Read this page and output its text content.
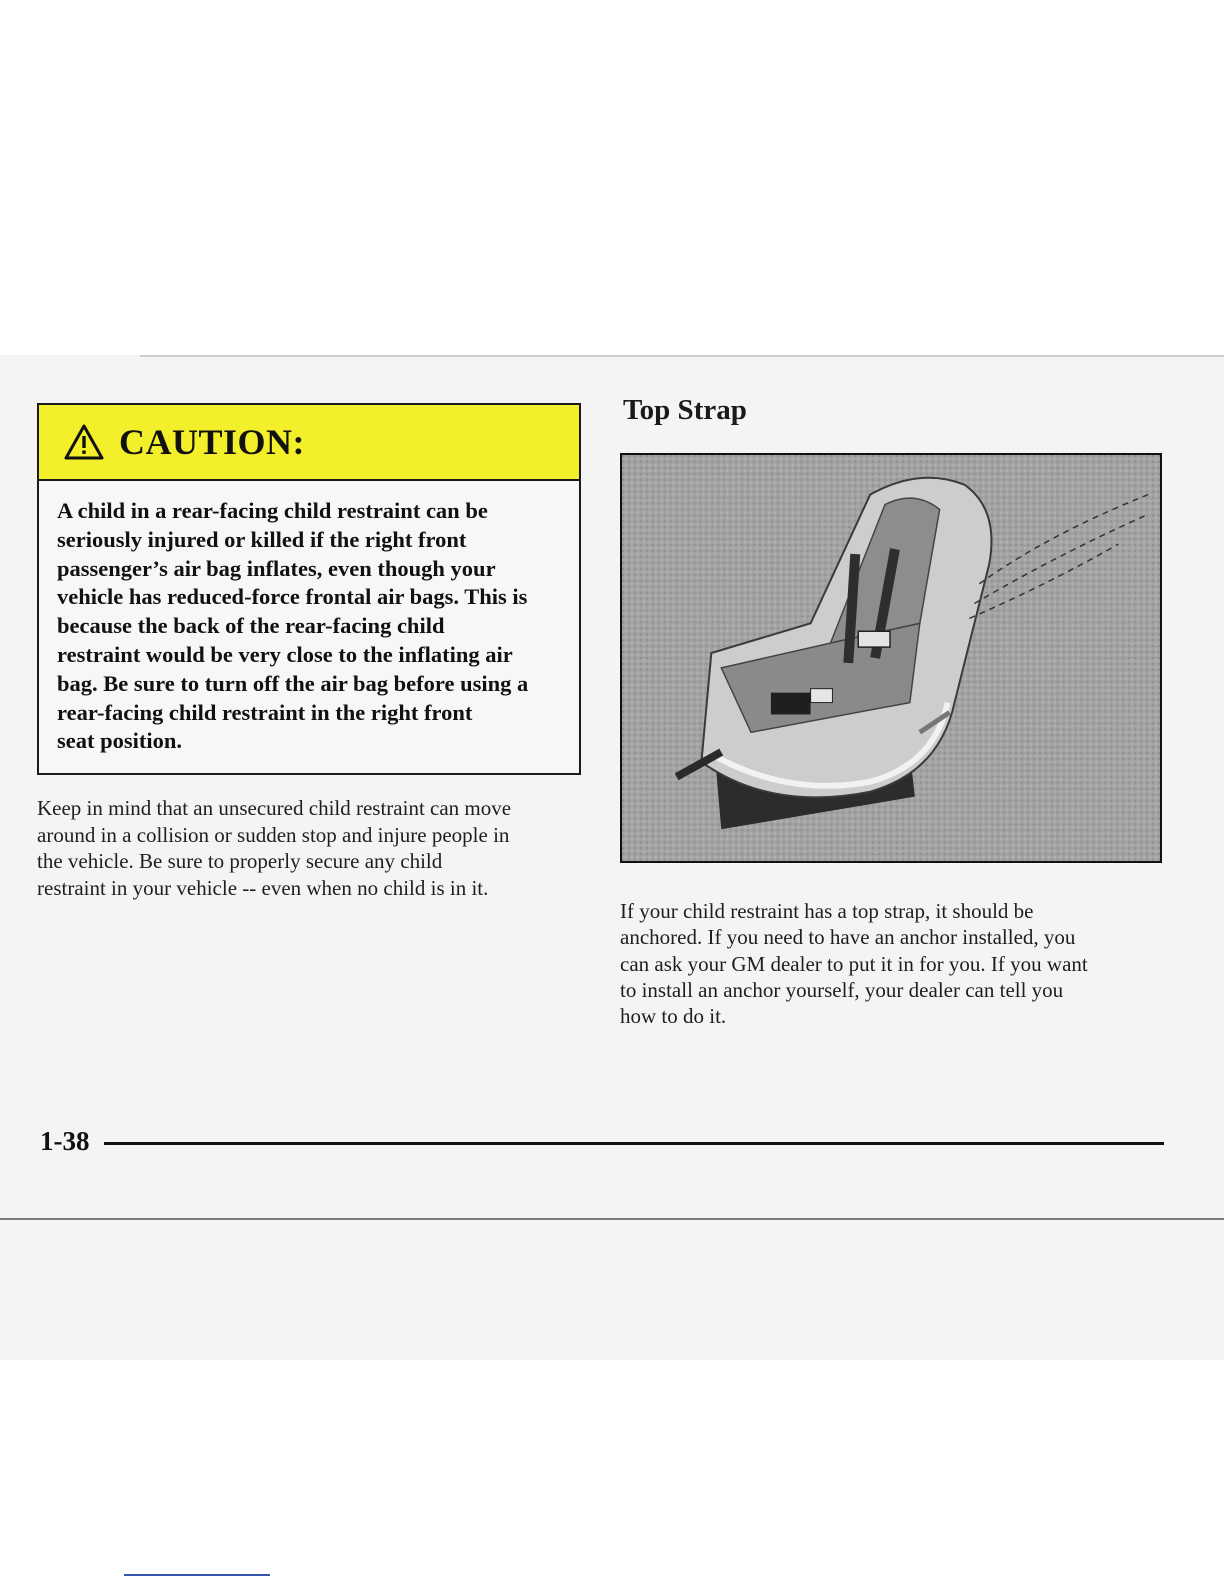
CAUTION:
A child in a rear-facing child restraint can be
seriously injured or killed if the right front
passenger’s air bag inflates, even though your
vehicle has reduced-force frontal air bags. This is
because the back of the rear-facing child
restraint would be very close to the inflating air
bag. Be sure to turn off the air bag before using a
rear-facing child restraint in the right front
seat position.
Keep in mind that an unsecured child restraint can move
around in a collision or sudden stop and injure people in
the vehicle. Be sure to properly secure any child
restraint in your vehicle -- even when no child is in it.
Top Strap
If your child restraint has a top strap, it should be
anchored. If you need to have an anchor installed, you
can ask your GM dealer to put it in for you. If you want
to install an anchor yourself, your dealer can tell you
how to do it.
1-38
